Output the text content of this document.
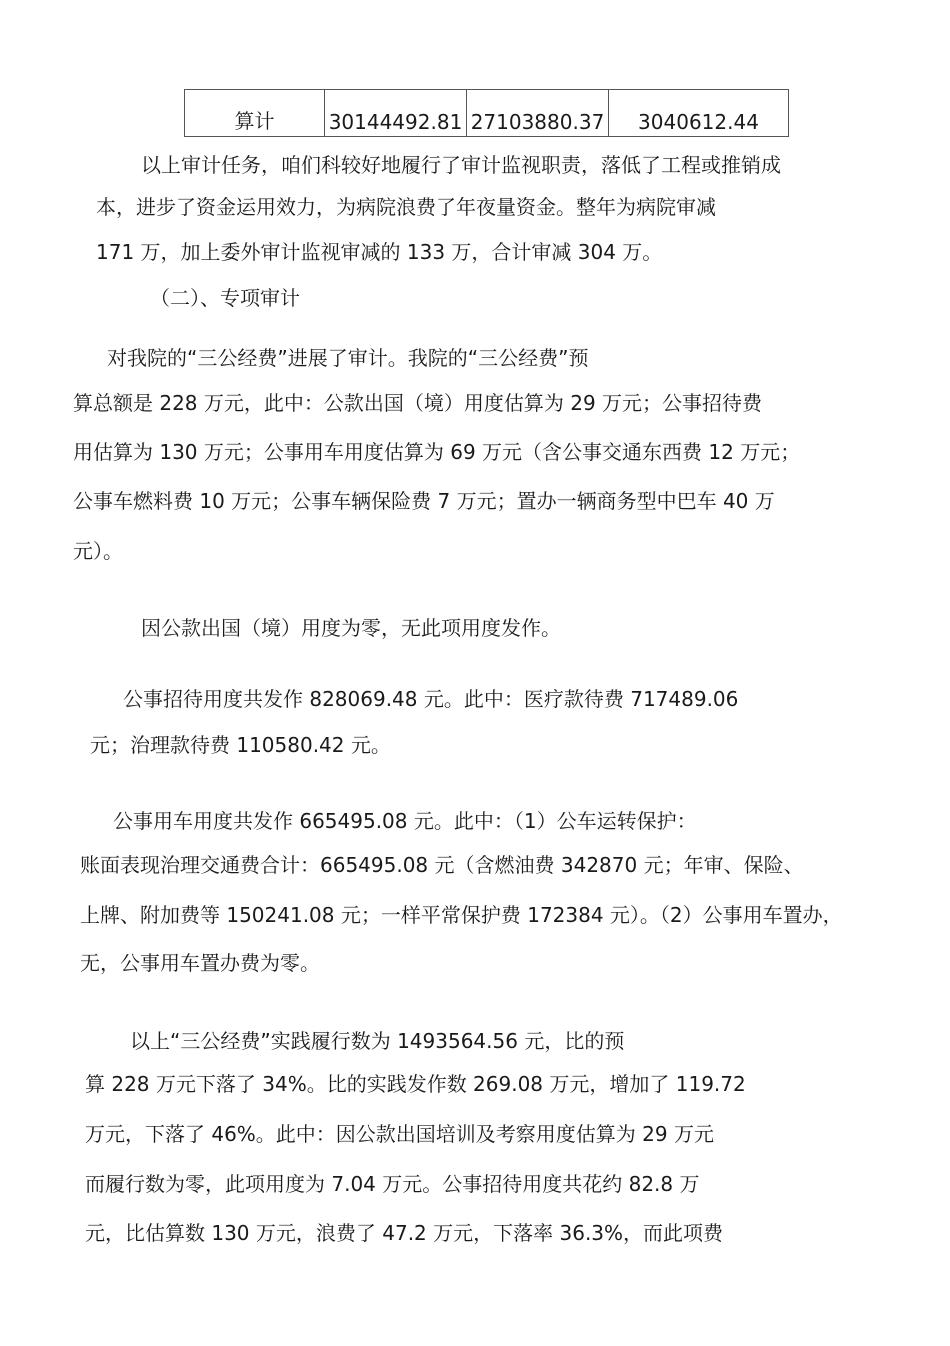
算计	30144492.81	27103880.37	3040612.44
以上审计任务，咱们科较好地履行了审计监视职责，落低了工程或推销成
本，进步了资金运用效力，为病院浪费了年夜量资金。整年为病院审减
171 万，加上委外审计监视审减的 133 万，合计审减 304 万。
（二）、专项审计
对我院的“三公经费”进展了审计。我院的“三公经费”预
算总额是 228 万元，此中：公款出国（境）用度估算为 29 万元；公事招待费
用估算为 130 万元；公事用车用度估算为 69 万元（含公事交通东西费 12 万元；
公事车燃料费 10 万元；公事车辆保险费 7 万元；置办一辆商务型中巴车 40 万
元）。
因公款出国（境）用度为零，无此项用度发作。
公事招待用度共发作 828069.48 元。此中：医疗款待费 717489.06
元；治理款待费 110580.42 元。
公事用车用度共发作 665495.08 元。此中：（1）公车运转保护：
账面表现治理交通费合计：665495.08 元（含燃油费 342870 元；年审、保险、
上牌、附加费等 150241.08 元；一样平常保护费 172384 元）。（2）公事用车置办，
无，公事用车置办费为零。
以上“三公经费”实践履行数为 1493564.56 元，比的预
算 228 万元下落了 34%。比的实践发作数 269.08 万元，增加了 119.72
万元，下落了 46%。此中：因公款出国培训及考察用度估算为 29 万元
而履行数为零，此项用度为 7.04 万元。公事招待用度共花约 82.8 万
元，比估算数 130 万元，浪费了 47.2 万元，下落率 36.3%，而此项费
